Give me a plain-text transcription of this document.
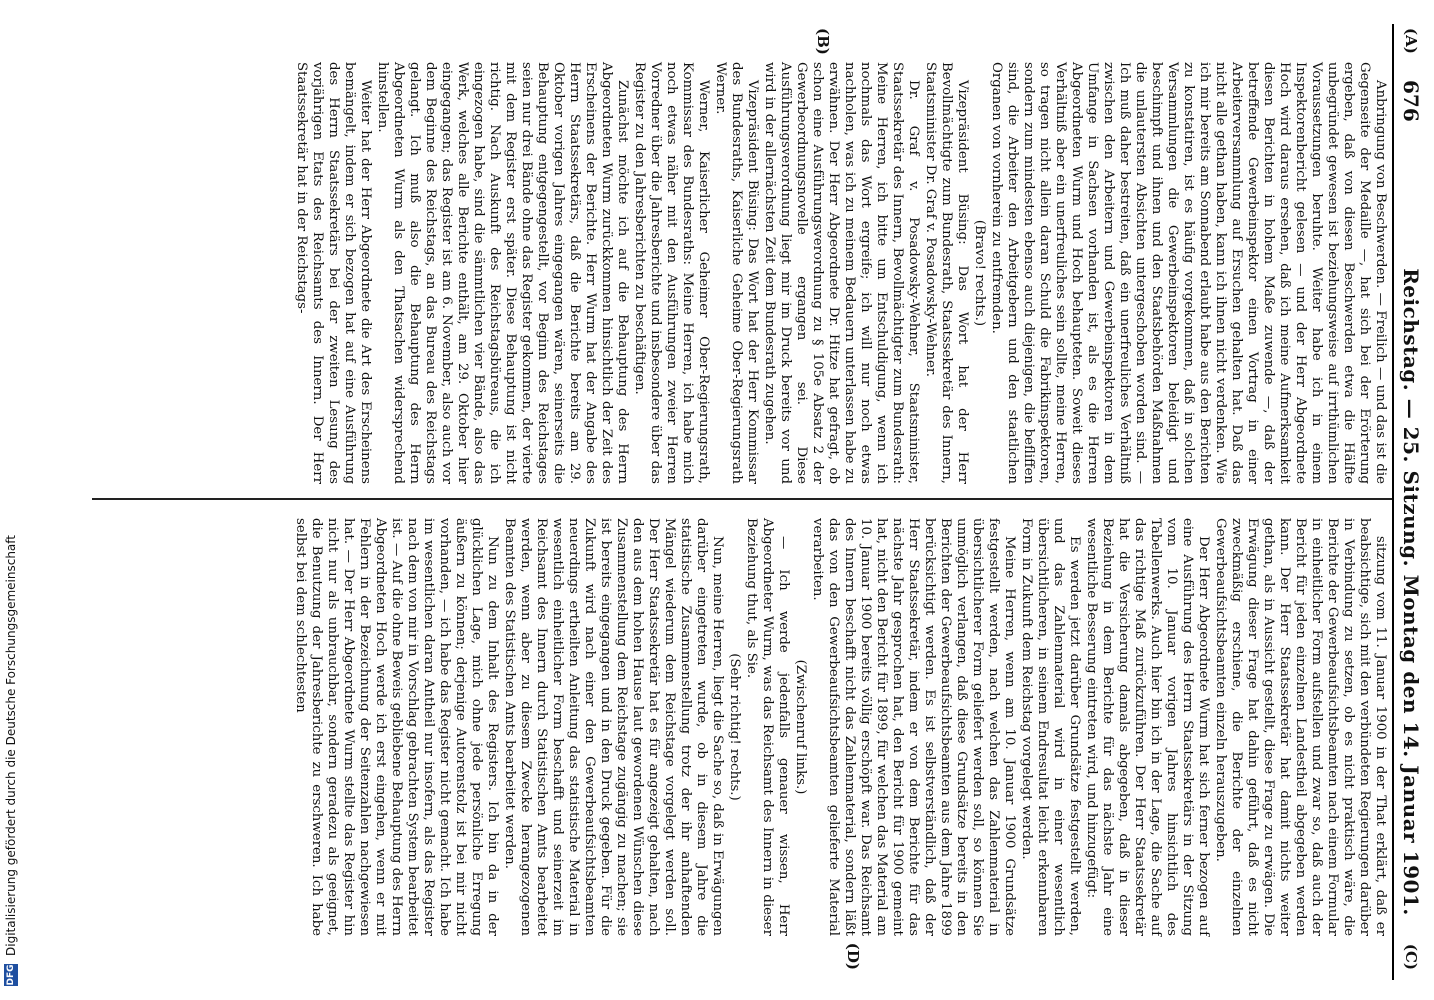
676
Reichstag. — 25. Sitzung. Montag den 14. Januar 1901.
(A)
(B)

Anbringung von Beschwerden. — Freilich — und das ist die Gegenseite der Medaille —, hat sich bei der Erörterung ergeben, daß von diesen Beschwerden etwa die Hälfte unbegründet gewesen ist beziehungsweise auf irrthümlichen Voraussetzungen beruhte. Weiter habe ich in einem Inspektorenbericht gelesen — und der Herr Abgeordnete Hoch wird daraus ersehen, daß ich meine Aufmerksamkeit diesen Berichten in hohem Maße zuwende —, daß der betreffende Gewerbeinspektor einen Vortrag in einer Arbeiterversammlung auf Ersuchen gehalten hat. Daß das nicht alle gethan haben, kann ich ihnen nicht verdenken. Wie ich mir bereits am Sonnabend erlaubt habe aus den Berichten zu konstatiren, ist es häufig vorgekommen, daß in solchen Versammlungen die Gewerbeinspektoren beleidigt und beschimpft und ihnen und den Staatsbehörden Maßnahmen die unlautersten Absichten untergeschoben worden sind. — Ich muß daher bestreiten, daß ein unerfreuliches Verhältniß zwischen den Arbeitern und Gewerbeinspektoren in dem Umfange in Sachsen vorhanden ist, als es die Herren Abgeordneten Wurm und Hoch behaupteten. Soweit dieses Verhältniß aber ein unerfreuliches sein sollte, meine Herren, so tragen nicht allein daran Schuld die Fabrikinspektoren, sondern zum mindesten ebenso auch diejenigen, die befliffen sind, die Arbeiter den Arbeitgebern und den staatlichen Organen von vornherein zu entfremden.

(Bravo! rechts.)

Vizepräsident Büsing: Das Wort hat der Herr Bevollmächtigte zum Bundesrath, Staatssekretär des Innern, Staatsminister Dr. Graf v. Posadowsky-Wehner.

Dr. Graf v. Posadowsky-Wehner, Staatsminister, Staatssekretär des Innern, Bevollmächtigter zum Bundesrath: Meine Herren, ich bitte um Entschuldigung, wenn ich nochmals das Wort ergreife; ich will nur noch etwas nachholen, was ich zu meinem Bedauern unterlassen habe zu erwähnen. Der Herr Abgeordnete Dr. Hitze hat gefragt, ob schon eine Ausführungsverordnung zu § 105e Absatz 2 der Gewerbeordnungsnovelle ergangen sei. Diese Ausführungsverordnung liegt mir im Druck bereits vor und wird in der allernächsten Zeit dem Bundesrath zugehen.

Vizepräsident Büsing: Das Wort hat der Herr Kommissar des Bundesraths, Kaiserliche Geheime Ober-Regierungsrath Werner.

Werner, Kaiserlicher Geheimer Ober-Regierungsrath, Kommissar des Bundesraths: Meine Herren, ich habe mich noch etwas näher mit den Ausführungen zweier Herren Vorredner über die Jahresberichte und insbesondere über das Register zu den Jahresberichten zu beschäftigen.

Zunächst möchte ich auf die Behauptung des Herrn Abgeordneten Wurm zurückkommen hinsichtlich der Zeit des Erscheinens der Berichte. Herr Wurm hat der Angabe des Herrn Staatssekretärs, daß die Berichte bereits am 29. Oktober vorigen Jahres eingegangen wären, seinerseits die Behauptung entgegengestellt, vor Beginn des Reichstages seien nur drei Bände ohne das Register gekommen, der vierte mit dem Register erst später. Diese Behauptung ist nicht richtig. Nach Auskunft des Reichstagsbüreaus, die ich eingezogen habe, sind die sämmtlichen vier Bände, also das Werk, welches alle Berichte enthält, am 29. Oktober hier eingegangen; das Register ist am 6. November, also auch vor dem Beginne des Reichstags, an das Bureau des Reichstags gelangt. Ich muß also die Behauptung des Herrn Abgeordneten Wurm als den Thatsachen widersprechend hinstellen.

Weiter hat der Herr Abgeordnete die Art des Erscheinens bemängelt, indem er sich bezogen hat auf eine Ausführung des Herrn Staatssekretärs bei der zweiten Lesung des vorjährigen Etats des Reichsamts des Innern. Der Herr Staatssekretär hat in der Reichstags-

(C)
(D)

sitzung vom 11. Januar 1900 in der That erklärt, daß er beabsichtige, sich mit den verbündeten Regierungen darüber in Verbindung zu setzen, ob es nicht praktisch wäre, die Berichte der Gewerbeaufsichtsbeamten nach einem Formular in einheitlicher Form aufstellen und zwar so, daß auch der Bericht für jeden einzelnen Landestheil abgegeben werden kann. Der Herr Staatssekretär hat damit nichts weiter gethan, als in Aussicht gestellt, diese Frage zu erwägen. Die Erwägung dieser Frage hat dahin geführt, daß es nicht zweckmäßig erschiene, die Berichte der einzelnen Gewerbeaufsichtsbeamten einzeln herauszugeben.

Der Herr Abgeordnete Wurm hat sich ferner bezogen auf eine Ausführung des Herrn Staatssekretärs in der Sitzung vom 10. Januar vorigen Jahres hinsichtlich des Tabellenwerks. Auch hier bin ich in der Lage, die Sache auf das richtige Maß zurückzuführen. Der Herr Staatssekretär hat die Versicherung damals abgegeben, daß in dieser Beziehung in dem Berichte für das nächste Jahr eine wesentliche Besserung eintreten wird, und hinzugefügt:

Es werden jetzt darüber Grundsätze festgestellt werden, und das Zahlenmaterial wird in einer wesentlich übersichtlicheren, in seinem Endresultat leicht erkennbaren Form in Zukunft dem Reichstag vorgelegt werden.

Meine Herren, wenn am 10. Januar 1900 Grundsätze festgestellt werden, nach welchen das Zahlenmaterial in übersichtlicherer Form geliefert werden soll, so können Sie unmöglich verlangen, daß diese Grundsätze bereits in den Berichten der Gewerbeaufsichtsbeamten aus dem Jahre 1899 berücksichtigt werden. Es ist selbstverständlich, daß der Herr Staatssekretär, indem er von dem Berichte für das nächste Jahr gesprochen hat, den Bericht für 1900 gemeint hat, nicht den Bericht für 1899, für welchen das Material am 10. Januar 1900 bereits völlig erschöpft war. Das Reichsamt des Innern beschafft nicht das Zahlenmaterial, sondern läßt das von den Gewerbeaufsichtsbeamten gelieferte Material verarbeiten.

(Zwischenruf links.)

— Ich werde jedenfalls genauer wissen, Herr Abgeordneter Wurm, was das Reichsamt des Innern in dieser Beziehung thut, als Sie.

(Sehr richtig! rechts.)

Nun, meine Herren, liegt die Sache so, daß in Erwägungen darüber eingetreten wurde, ob in diesem Jahre die statistische Zusammenstellung trotz der ihr anhaftenden Mängel wiederum dem Reichstage vorgelegt werden soll. Der Herr Staatssekretär hat es für angezeigt gehalten, nach den aus dem hohen Hause laut gewordenen Wünschen diese Zusammenstellung dem Reichstage zugängig zu machen; sie ist bereits eingegangen und in den Druck gegeben. Für die Zukunft wird nach einer den Gewerbeaufsichtsbeamten neuerdings ertheilten Anleitung das statistische Material in wesentlich einheitlicher Form beschafft und seinerzeit im Reichsamt des Innern durch Statistischen Amts bearbeitet werden, wenn aber zu diesem Zwecke herangezogenen Beamten des Statistischen Amts bearbeitet werden.

Nun zu dem Inhalt des Registers. Ich bin da in der glücklichen Lage, mich ohne jede persönliche Erregung äußern zu können; derjenige Autorenstolz ist bei mir nicht vorhanden, — ich habe das Register nicht gemacht. Ich habe im wesentlichen daran Antheil nur insofern, als das Register nach dem von mir in Vorschlag gebrachten System bearbeitet ist. — Auf die ohne Beweis gebliebene Behauptung des Herrn Abgeordneten Hoch werde ich erst eingehen, wenn er mit Fehlern in der Bezeichnung der Seitenzahlen nachgewiesen hat. — Der Herr Abgeordnete Wurm stellte das Register hin nicht nur als unbrauchbar, sondern geradezu als geeignet, die Benutzung der Jahresberichte zu erschweren. Ich habe selbst bei dem schlechtesten

DFG
Digitalisierung gefördert durch die Deutsche Forschungsgemeinschaft
